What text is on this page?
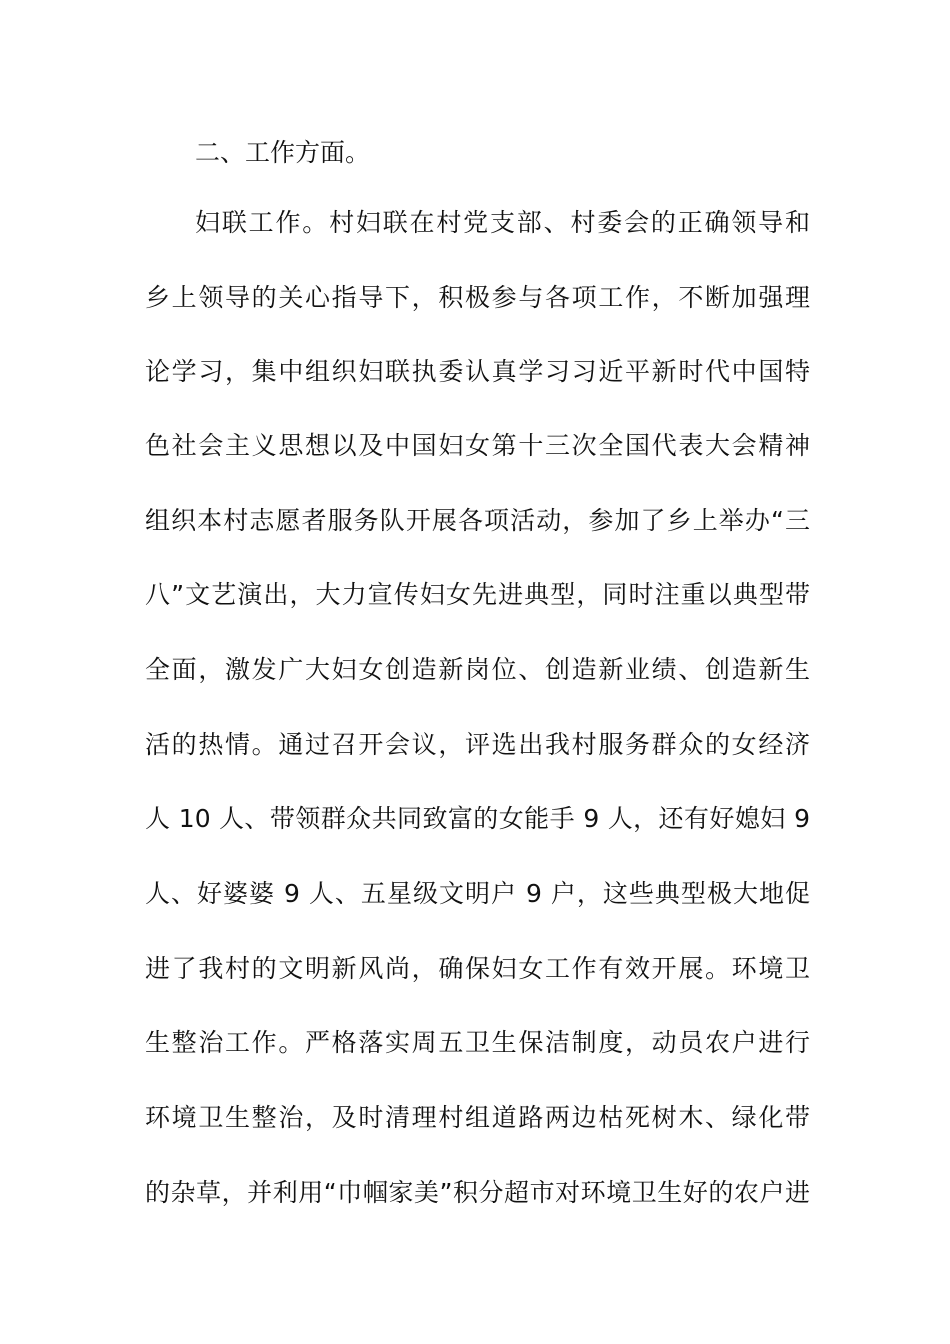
二、工作方面。
妇联工作。村妇联在村党支部、村委会的正确领导和
乡上领导的关心指导下，积极参与各项工作，不断加强理
论学习，集中组织妇联执委认真学习习近平新时代中国特
色社会主义思想以及中国妇女第十三次全国代表大会精神
组织本村志愿者服务队开展各项活动，参加了乡上举办“三
八”文艺演出，大力宣传妇女先进典型，同时注重以典型带
全面，激发广大妇女创造新岗位、创造新业绩、创造新生
活的热情。通过召开会议，评选出我村服务群众的女经济
人 10 人、带领群众共同致富的女能手 9 人，还有好媳妇 9
人、好婆婆 9 人、五星级文明户 9 户，这些典型极大地促
进了我村的文明新风尚，确保妇女工作有效开展。环境卫
生整治工作。严格落实周五卫生保洁制度，动员农户进行
环境卫生整治，及时清理村组道路两边枯死树木、绿化带
的杂草，并利用“巾帼家美”积分超市对环境卫生好的农户进
